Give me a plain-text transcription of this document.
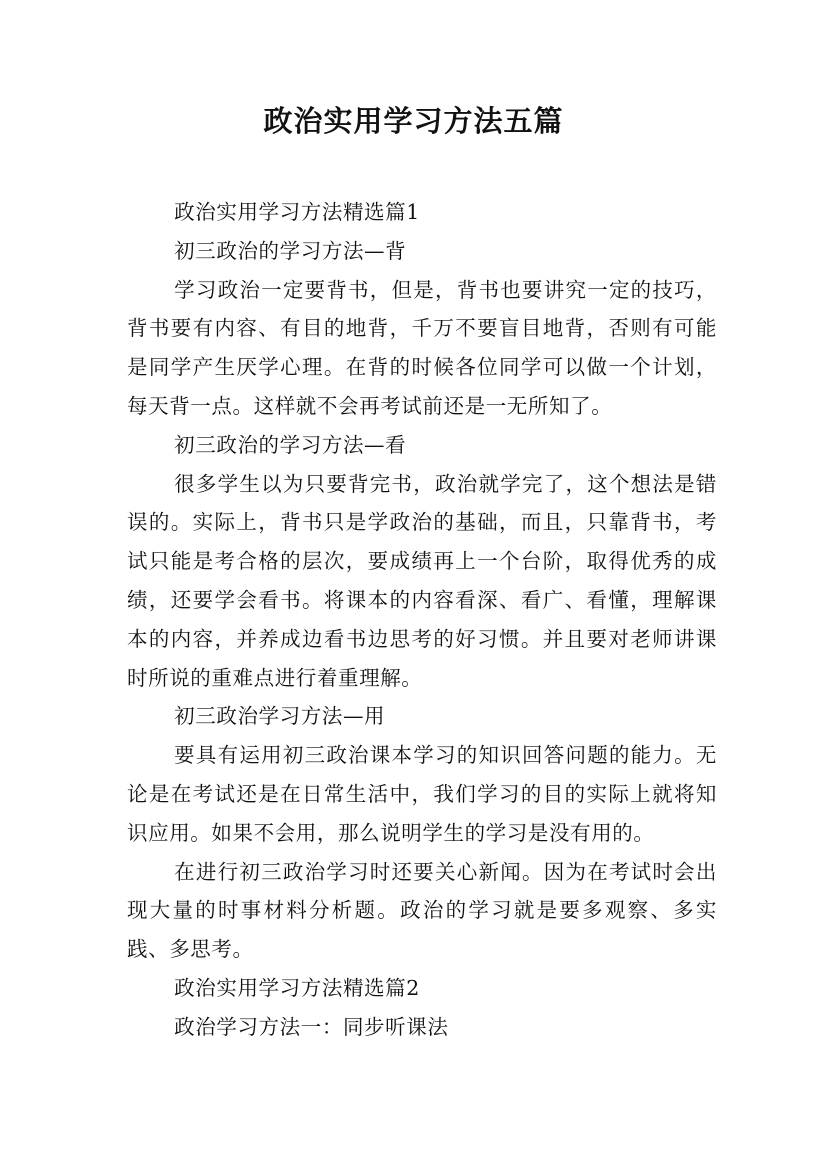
政治实用学习方法五篇

政治实用学习方法精选篇1

初三政治的学习方法—背

学习政治一定要背书，但是，背书也要讲究一定的技巧，背书要有内容、有目的地背，千万不要盲目地背，否则有可能是同学产生厌学心理。在背的时候各位同学可以做一个计划，每天背一点。这样就不会再考试前还是一无所知了。

初三政治的学习方法—看

很多学生以为只要背完书，政治就学完了，这个想法是错误的。实际上，背书只是学政治的基础，而且，只靠背书，考试只能是考合格的层次，要成绩再上一个台阶，取得优秀的成绩，还要学会看书。将课本的内容看深、看广、看懂，理解课本的内容，并养成边看书边思考的好习惯。并且要对老师讲课时所说的重难点进行着重理解。

初三政治学习方法—用

要具有运用初三政治课本学习的知识回答问题的能力。无论是在考试还是在日常生活中，我们学习的目的实际上就将知识应用。如果不会用，那么说明学生的学习是没有用的。

在进行初三政治学习时还要关心新闻。因为在考试时会出现大量的时事材料分析题。政治的学习就是要多观察、多实践、多思考。

政治实用学习方法精选篇2

政治学习方法一：同步听课法
